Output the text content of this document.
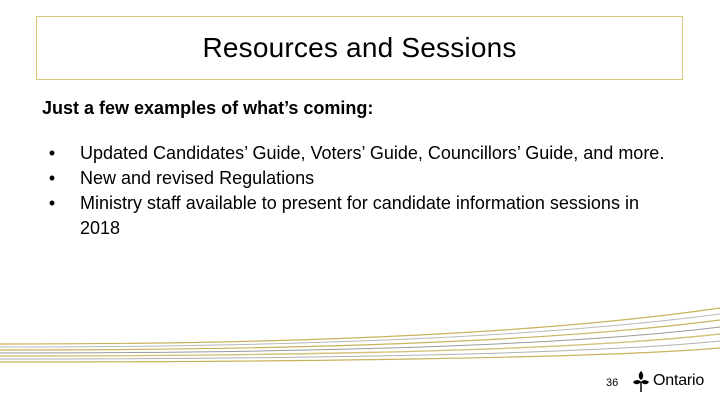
Resources and Sessions
Just a few examples of what’s coming:
•	Updated Candidates’ Guide, Voters’ Guide, Councillors’ Guide, and more.
•	New and revised Regulations
•	Ministry staff available to present for candidate information sessions in 2018
36 Ontario
